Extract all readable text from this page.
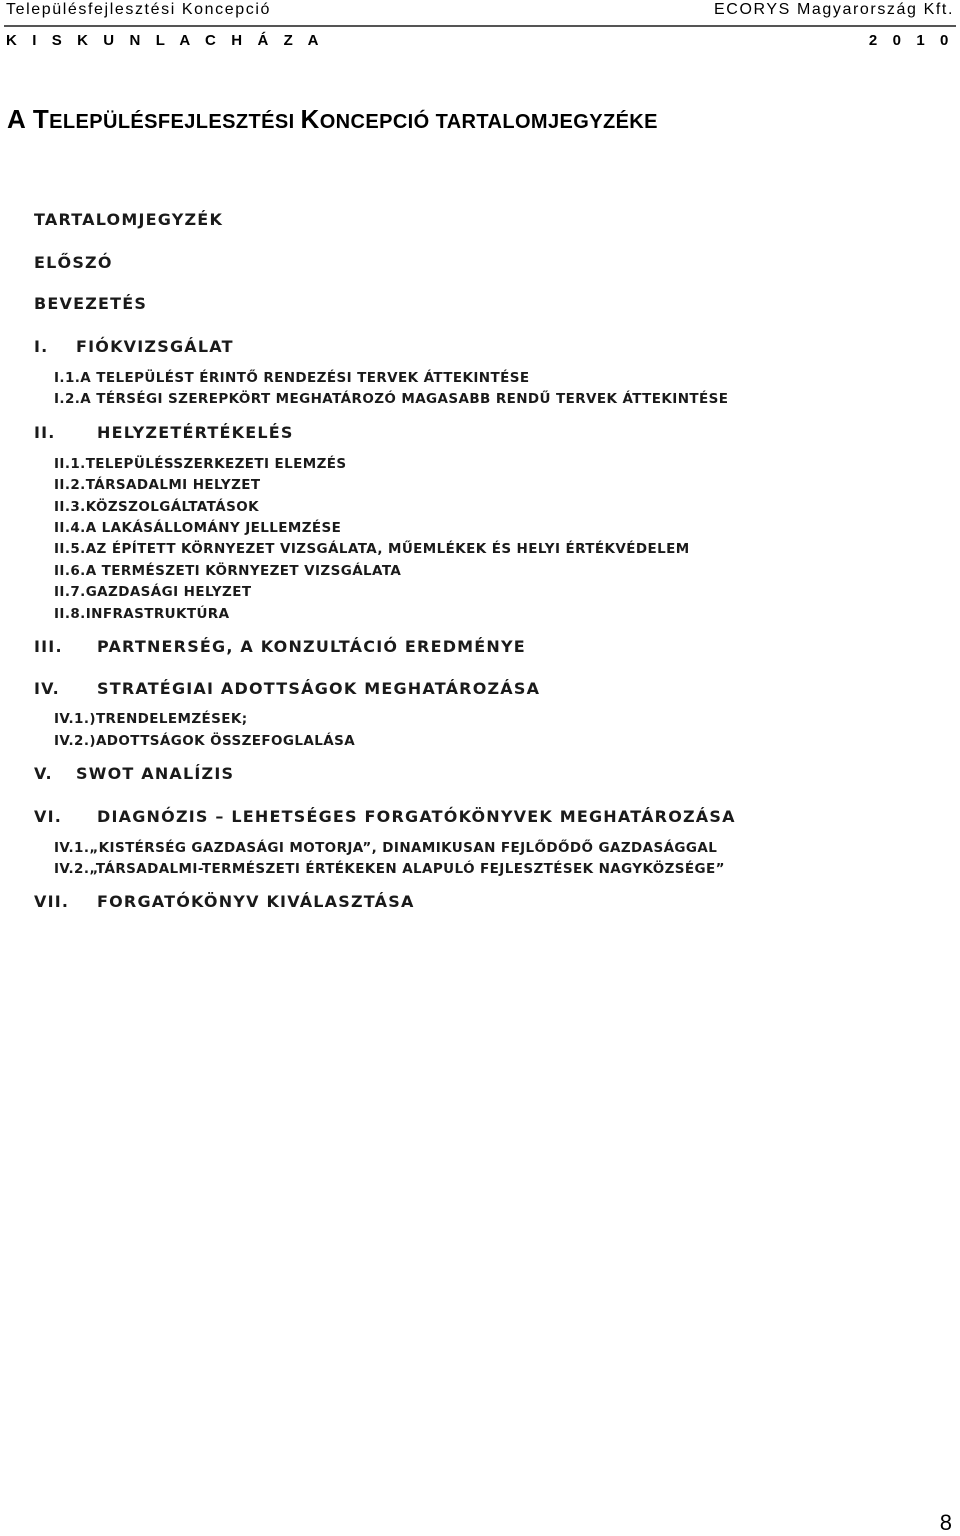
Településfejlesztési Koncepció	ECORYS Magyarország Kft.
K I S K U N L A C H Á Z A	2 0 1 0
A TELEPÜLÉSFEJLESZTÉSI KONCEPCIÓ TARTALOMJEGYZÉKE
TARTALOMJEGYZÉK
ELŐSZÓ
BEVEZETÉS
I. FIÓKVIZSGÁLAT
I.1.A TELEPÜLÉST ÉRINTŐ RENDEZÉSI TERVEK ÁTTEKINTÉSE
I.2.A TÉRSÉGI SZEREPKÖRT MEGHATÁROZÓ MAGASABB RENDŰ TERVEK ÁTTEKINTÉSE
II.	HELYZETÉRTÉKELÉS
II.1.TELEPÜLÉSSZERKEZETI ELEMZÉS
II.2.TÁRSADALMI HELYZET
II.3.KÖZSZOLGÁLTATÁSOK
II.4.A LAKÁSÁLLOMÁNY JELLEMZÉSE
II.5.AZ ÉPÍTETT KÖRNYEZET VIZSGÁLATA, MŰEMLÉKEK ÉS HELYI ÉRTÉKVÉDELEM
II.6.A TERMÉSZETI KÖRNYEZET VIZSGÁLATA
II.7.GAZDASÁGI HELYZET
II.8.INFRASTRUKTÚRA
III. PARTNERSÉG, A KONZULTÁCIÓ EREDMÉNYE
IV. STRATÉGIAI ADOTTSÁGOK MEGHATÁROZÁSA
IV.1.)TRENDELEMZÉSEK;
IV.2.)ADOTTSÁGOK ÖSSZEFOGLALÁSA
V. SWOT ANALÍZIS
VI. DIAGNÓZIS – LEHETSÉGES FORGATÓKÖNYVEK MEGHATÁROZÁSA
IV.1.„KISTÉRSÉG GAZDASÁGI MOTORJA”, DINAMIKUSAN FEJLŐDŐDŐ GAZDASÁGGAL
IV.2.„TÁRSADALMI-TERMÉSZETI ÉRTÉKEKEN ALAPULÓ FEJLESZTÉSEK NAGYKÖZSÉGE”
VII. FORGATÓKÖNYV KIVÁLASZTÁSA
8
